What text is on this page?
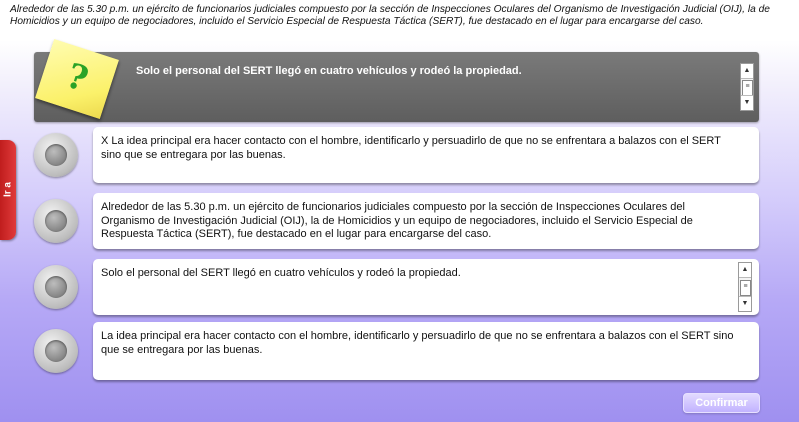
Alrededor de las 5.30 p.m. un ejército de funcionarios judiciales compuesto por la sección de Inspecciones Oculares del Organismo de Investigación Judicial (OIJ), la de Homicidios y un equipo de negociadores, incluido el Servicio Especial de Respuesta Táctica (SERT), fue destacado en el lugar para encargarse del caso.
Solo el personal del SERT llegó en cuatro vehículos y rodeó la propiedad.	▲
≡
▼
?
Ir a
X La idea principal era hacer contacto con el hombre, identificarlo y persuadirlo de que no se enfrentara a balazos con el SERT sino que se entregara por las buenas.
Alrededor de las 5.30 p.m. un ejército de funcionarios judiciales compuesto por la sección de Inspecciones Oculares del Organismo de Investigación Judicial (OIJ), la de Homicidios y un equipo de negociadores, incluido el Servicio Especial de Respuesta Táctica (SERT), fue destacado en el lugar para encargarse del caso.
Solo el personal del SERT llegó en cuatro vehículos y rodeó la propiedad.	▲
≡
▼
La idea principal era hacer contacto con el hombre, identificarlo y persuadirlo de que no se enfrentara a balazos con el SERT sino que se entregara por las buenas.
Confirmar
